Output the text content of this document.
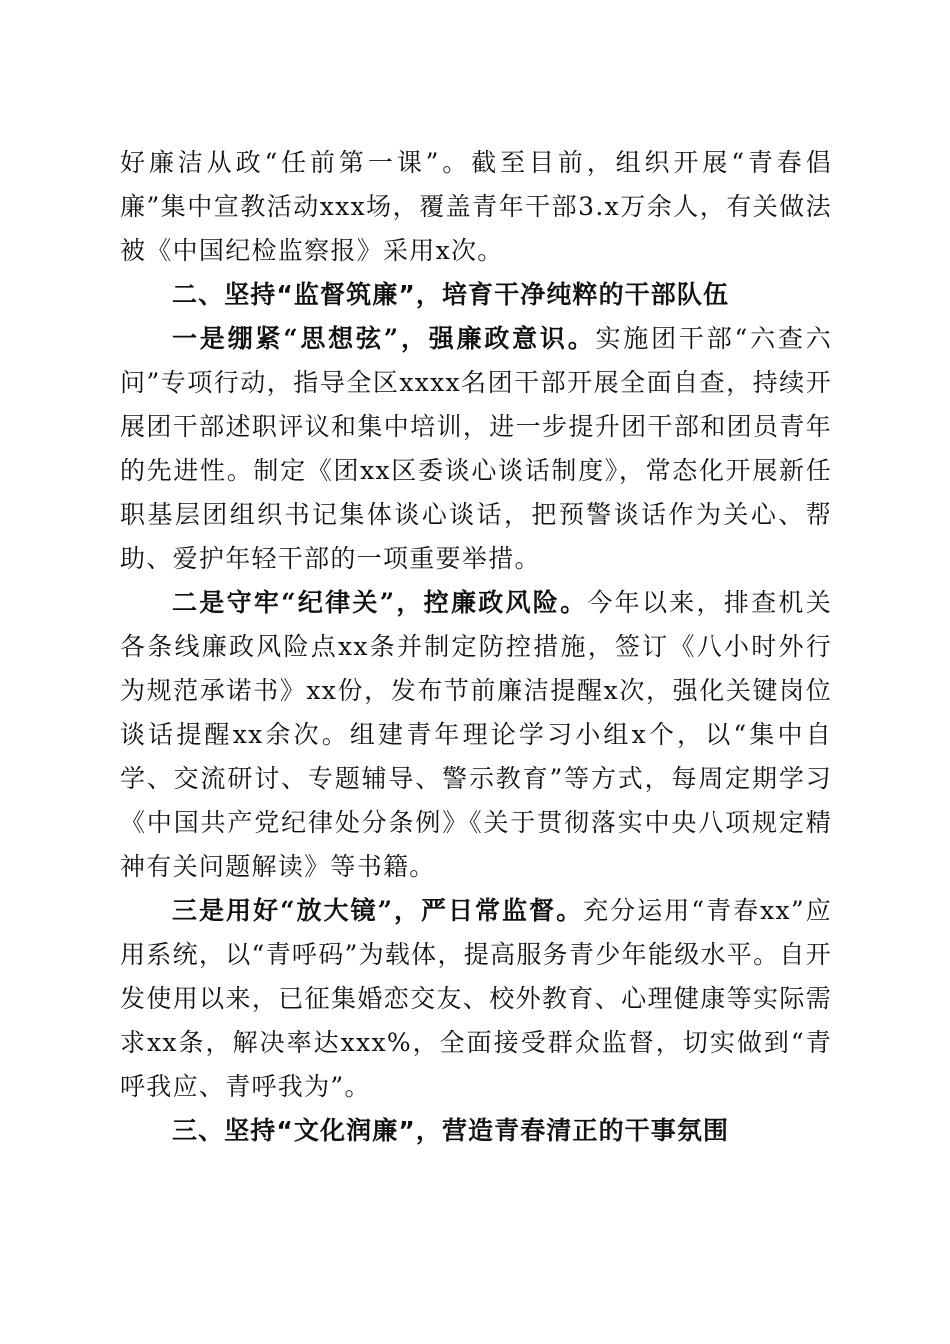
好廉洁从政“任前第一课”。截至目前，组织开展“青春倡廉”集中宣教活动xxx场，覆盖青年干部3.x万余人，有关做法被《中国纪检监察报》采用x次。

二、坚持“监督筑廉”，培育干净纯粹的干部队伍

一是绷紧“思想弦”，强廉政意识。实施团干部“六查六问”专项行动，指导全区xxxx名团干部开展全面自查，持续开展团干部述职评议和集中培训，进一步提升团干部和团员青年的先进性。制定《团xx区委谈心谈话制度》，常态化开展新任职基层团组织书记集体谈心谈话，把预警谈话作为关心、帮助、爱护年轻干部的一项重要举措。

二是守牢“纪律关”，控廉政风险。今年以来，排查机关各条线廉政风险点xx条并制定防控措施，签订《八小时外行为规范承诺书》xx份，发布节前廉洁提醒x次，强化关键岗位谈话提醒xx余次。组建青年理论学习小组x个，以“集中自学、交流研讨、专题辅导、警示教育”等方式，每周定期学习《中国共产党纪律处分条例》《关于贯彻落实中央八项规定精神有关问题解读》等书籍。

三是用好“放大镜”，严日常监督。充分运用“青春xx”应用系统，以“青呼码”为载体，提高服务青少年能级水平。自开发使用以来，已征集婚恋交友、校外教育、心理健康等实际需求xx条，解决率达xxx%，全面接受群众监督，切实做到“青呼我应、青呼我为”。

三、坚持“文化润廉”，营造青春清正的干事氛围
